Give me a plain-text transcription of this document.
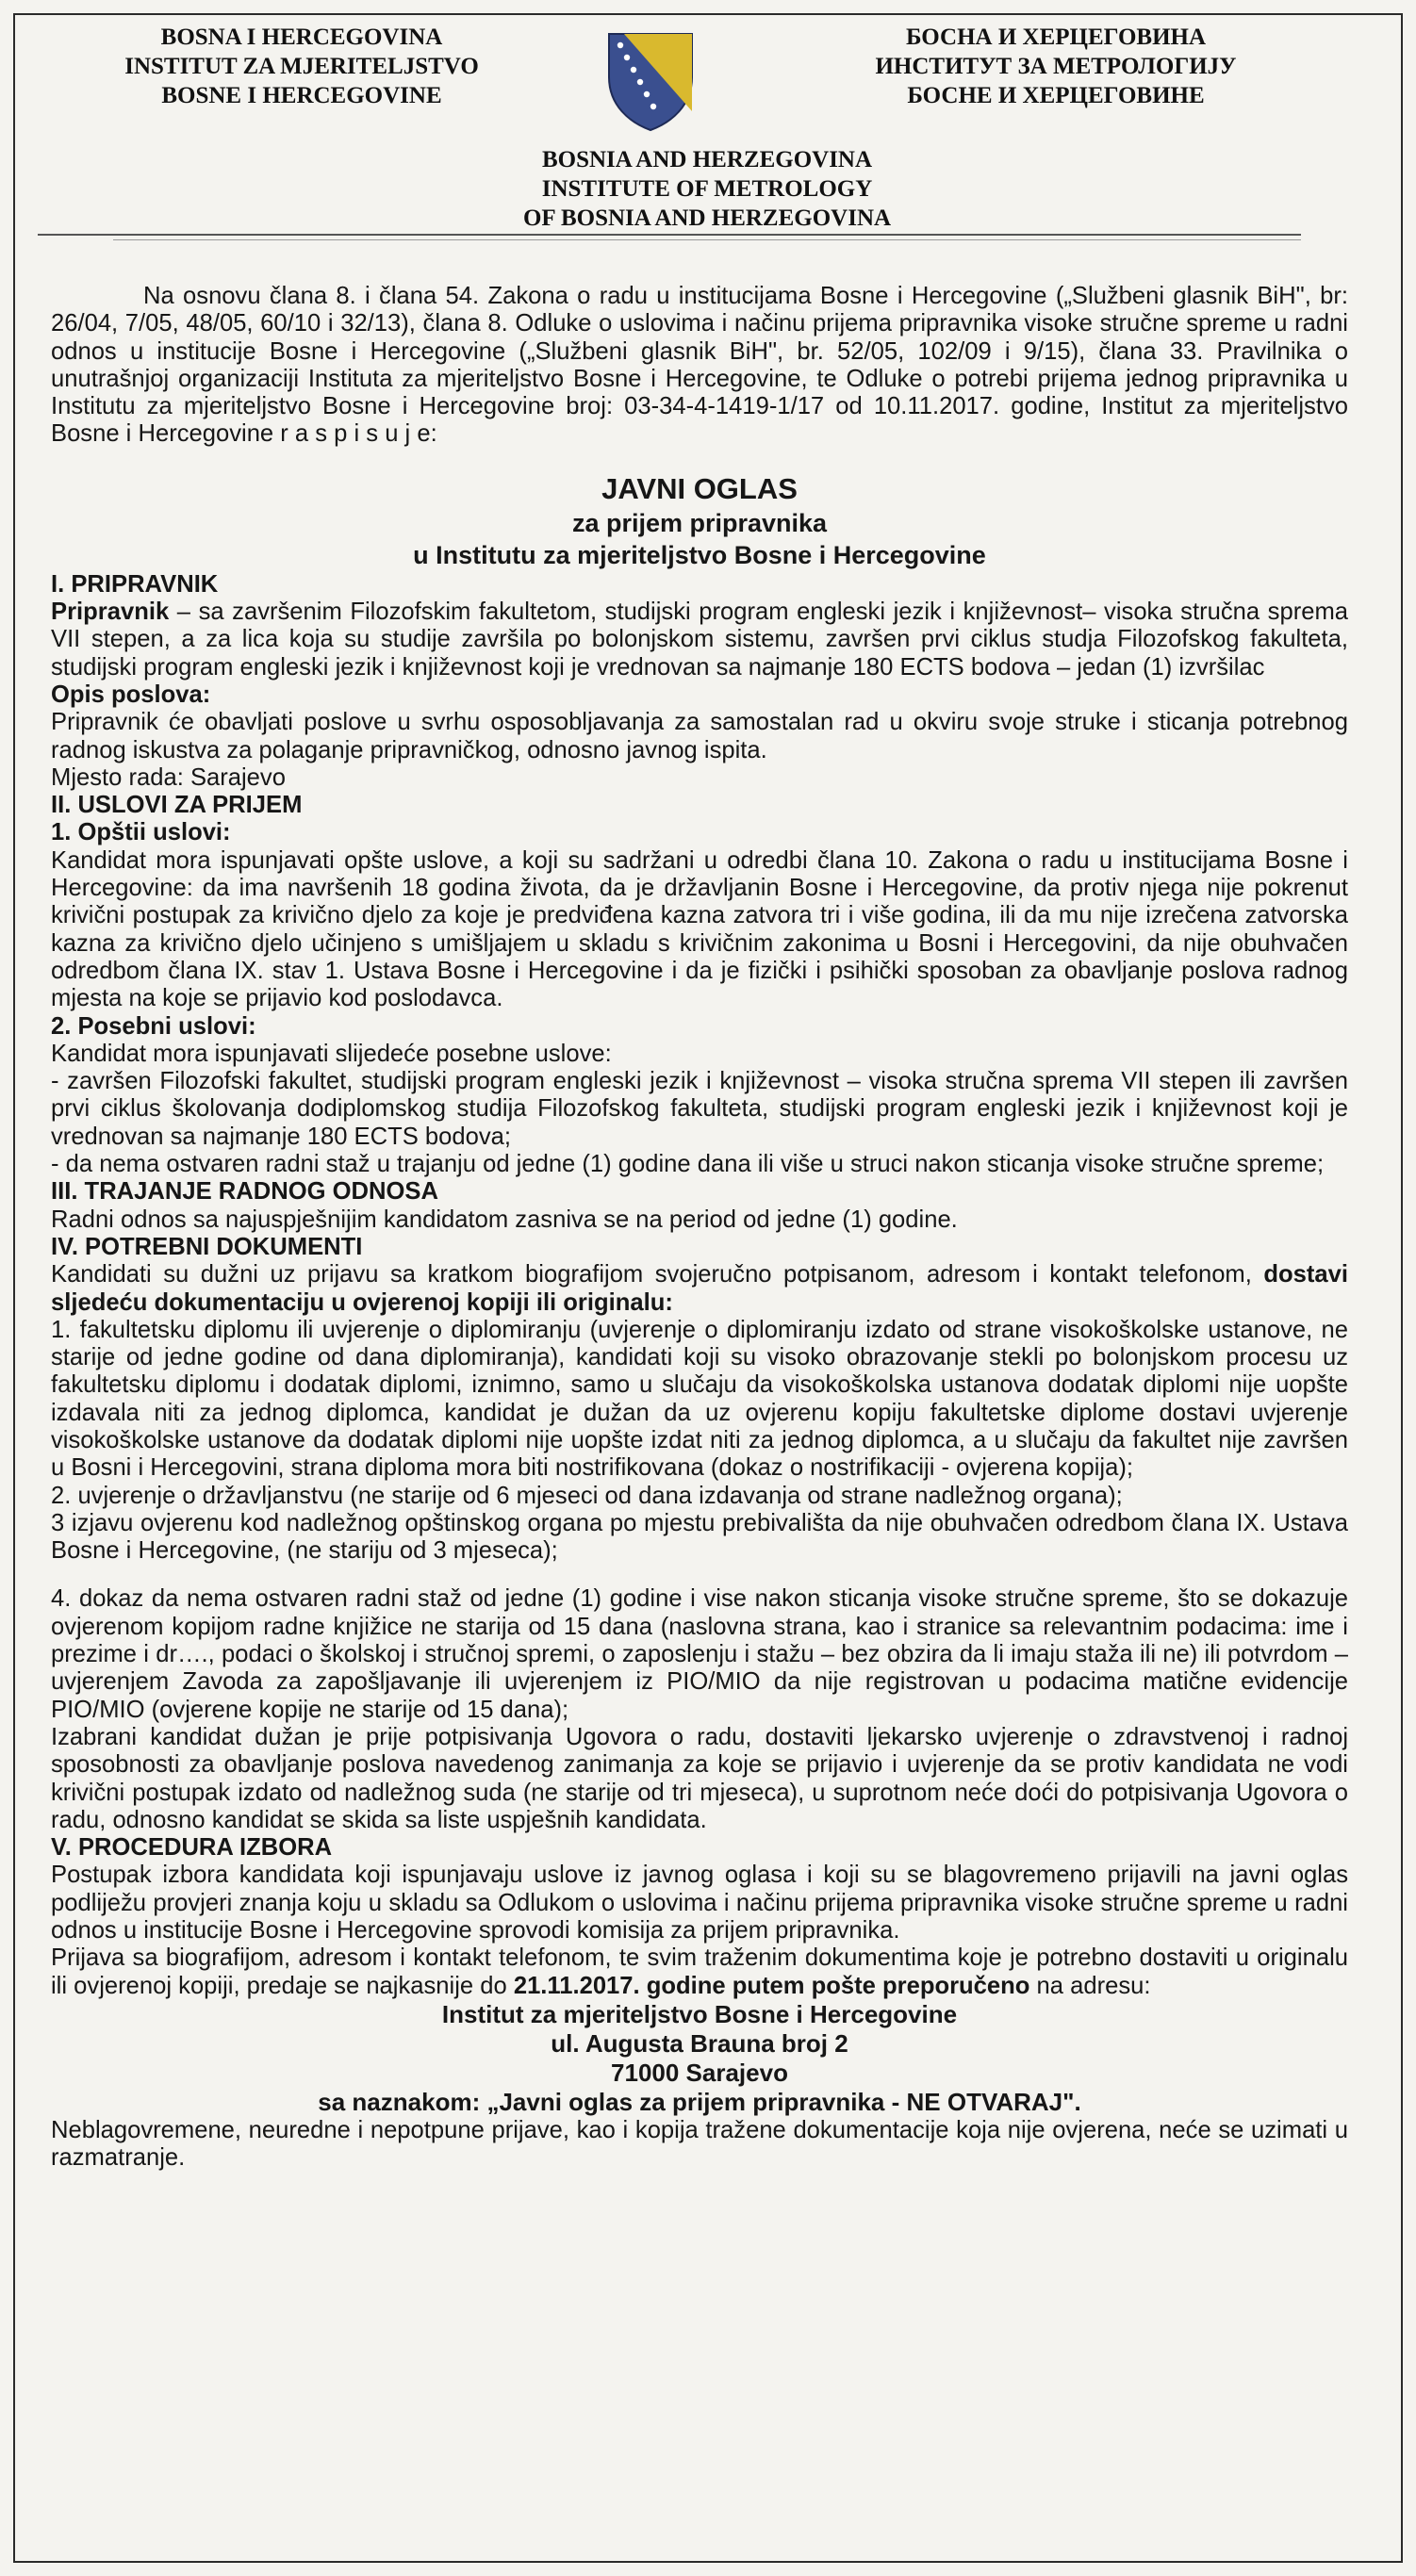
BOSNA I HERCEGOVINA
INSTITUT ZA MJERITELJSTVO
BOSNE I HERCEGOVINE
БОСНА И ХЕРЦЕГОВИНА
ИНСТИТУТ ЗА МЕТРОЛОГИЈУ
БОСНЕ И ХЕРЦЕГОВИНЕ
BOSNIA AND HERZEGOVINA
INSTITUTE OF METROLOGY
OF BOSNIA AND HERZEGOVINA

Na osnovu člana 8. i člana 54. Zakona o radu u institucijama Bosne i Hercegovine („Službeni glasnik BiH", br: 26/04, 7/05, 48/05, 60/10 i 32/13), člana 8. Odluke o uslovima i načinu prijema pripravnika visoke stručne spreme u radni odnos u institucije Bosne i Hercegovine („Službeni glasnik BiH", br. 52/05, 102/09 i 9/15), člana 33. Pravilnika o unutrašnjoj organizaciji Instituta za mjeriteljstvo Bosne i Hercegovine, te Odluke o potrebi prijema jednog pripravnika u Institutu za mjeriteljstvo Bosne i Hercegovine broj: 03-34-4-1419-1/17 od 10.11.2017. godine, Institut za mjeriteljstvo Bosne i Hercegovine r a s p i s u j e:

JAVNI OGLAS

za prijem pripravnika

u Institutu za mjeriteljstvo Bosne i Hercegovine

I. PRIPRAVNIK

Pripravnik – sa završenim Filozofskim fakultetom, studijski program engleski jezik i književnost– visoka stručna sprema VII stepen, a za lica koja su studije završila po bolonjskom sistemu, završen prvi ciklus studja Filozofskog fakulteta, studijski program engleski jezik i književnost koji je vrednovan sa najmanje 180 ECTS bodova – jedan (1) izvršilac

Opis poslova:

Pripravnik će obavljati poslove u svrhu osposobljavanja za samostalan rad u okviru svoje struke i sticanja potrebnog radnog iskustva za polaganje pripravničkog, odnosno javnog ispita.

Mjesto rada: Sarajevo

II. USLOVI ZA PRIJEM

1. Opštii uslovi:

Kandidat mora ispunjavati opšte uslove, a koji su sadržani u odredbi člana 10. Zakona o radu u institucijama Bosne i Hercegovine: da ima navršenih 18 godina života, da je državljanin Bosne i Hercegovine, da protiv njega nije pokrenut krivični postupak za krivično djelo za koje je predviđena kazna zatvora tri i više godina, ili da mu nije izrečena zatvorska kazna za krivično djelo učinjeno s umišljajem u skladu s krivičnim zakonima u Bosni i Hercegovini, da nije obuhvačen odredbom člana IX. stav 1. Ustava Bosne i Hercegovine i da je fizički i psihički sposoban za obavljanje poslova radnog mjesta na koje se prijavio kod poslodavca.

2. Posebni uslovi:

Kandidat mora ispunjavati slijedeće posebne uslove:

- završen Filozofski fakultet, studijski program engleski jezik i književnost – visoka stručna sprema VII stepen ili završen prvi ciklus školovanja dodiplomskog studija Filozofskog fakulteta, studijski program engleski jezik i književnost koji je vrednovan sa najmanje 180 ECTS bodova;

- da nema ostvaren radni staž u trajanju od jedne (1) godine dana ili više u struci nakon sticanja visoke stručne spreme;

III. TRAJANJE RADNOG ODNOSA

Radni odnos sa najuspješnijim kandidatom zasniva se na period od jedne (1) godine.

IV. POTREBNI DOKUMENTI

Kandidati su dužni uz prijavu sa kratkom biografijom svojeručno potpisanom, adresom i kontakt telefonom, dostavi sljedeću dokumentaciju u ovjerenoj kopiji ili originalu:

1. fakultetsku diplomu ili uvjerenje o diplomiranju (uvjerenje o diplomiranju izdato od strane visokoškolske ustanove, ne starije od jedne godine od dana diplomiranja), kandidati koji su visoko obrazovanje stekli po bolonjskom procesu uz fakultetsku diplomu i dodatak diplomi, iznimno, samo u slučaju da visokoškolska ustanova dodatak diplomi nije uopšte izdavala niti za jednog diplomca, kandidat je dužan da uz ovjerenu kopiju fakultetske diplome dostavi uvjerenje visokoškolske ustanove da dodatak diplomi nije uopšte izdat niti za jednog diplomca, a u slučaju da fakultet nije završen u Bosni i Hercegovini, strana diploma mora biti nostrifikovana (dokaz o nostrifikaciji - ovjerena kopija);

2. uvjerenje o državljanstvu (ne starije od 6 mjeseci od dana izdavanja od strane nadležnog organa);

3 izjavu ovjerenu kod nadležnog opštinskog organa po mjestu prebivališta da nije obuhvačen odredbom člana IX. Ustava Bosne i Hercegovine, (ne stariju od 3 mjeseca);

4. dokaz da nema ostvaren radni staž od jedne (1) godine i vise nakon sticanja visoke stručne spreme, što se dokazuje ovjerenom kopijom radne knjižice ne starija od 15 dana (naslovna strana, kao i stranice sa relevantnim podacima: ime i prezime i dr…., podaci o školskoj i stručnoj spremi, o zaposlenju i stažu – bez obzira da li imaju staža ili ne) ili potvrdom – uvjerenjem Zavoda za zapošljavanje ili uvjerenjem iz PIO/MIO da nije registrovan u podacima matične evidencije PIO/MIO (ovjerene kopije ne starije od 15 dana);

Izabrani kandidat dužan je prije potpisivanja Ugovora o radu, dostaviti ljekarsko uvjerenje o zdravstvenoj i radnoj sposobnosti za obavljanje poslova navedenog zanimanja za koje se prijavio i uvjerenje da se protiv kandidata ne vodi krivični postupak izdato od nadležnog suda (ne starije od tri mjeseca), u suprotnom neće doći do potpisivanja Ugovora o radu, odnosno kandidat se skida sa liste uspješnih kandidata.

V. PROCEDURA IZBORA

Postupak izbora kandidata koji ispunjavaju uslove iz javnog oglasa i koji su se blagovremeno prijavili na javni oglas podliježu provjeri znanja koju u skladu sa Odlukom o uslovima i načinu prijema pripravnika visoke stručne spreme u radni odnos u institucije Bosne i Hercegovine sprovodi komisija za prijem pripravnika.

Prijava sa biografijom, adresom i kontakt telefonom, te svim traženim dokumentima koje je potrebno dostaviti u originalu ili ovjerenoj kopiji, predaje se najkasnije do 21.11.2017. godine putem pošte preporučeno na adresu:

Institut za mjeriteljstvo Bosne i Hercegovine

ul. Augusta Brauna broj 2

71000 Sarajevo

sa naznakom: „Javni oglas za prijem pripravnika - NE OTVARAJ".

Neblagovremene, neuredne i nepotpune prijave, kao i kopija tražene dokumentacije koja nije ovjerena, neće se uzimati u razmatranje.
